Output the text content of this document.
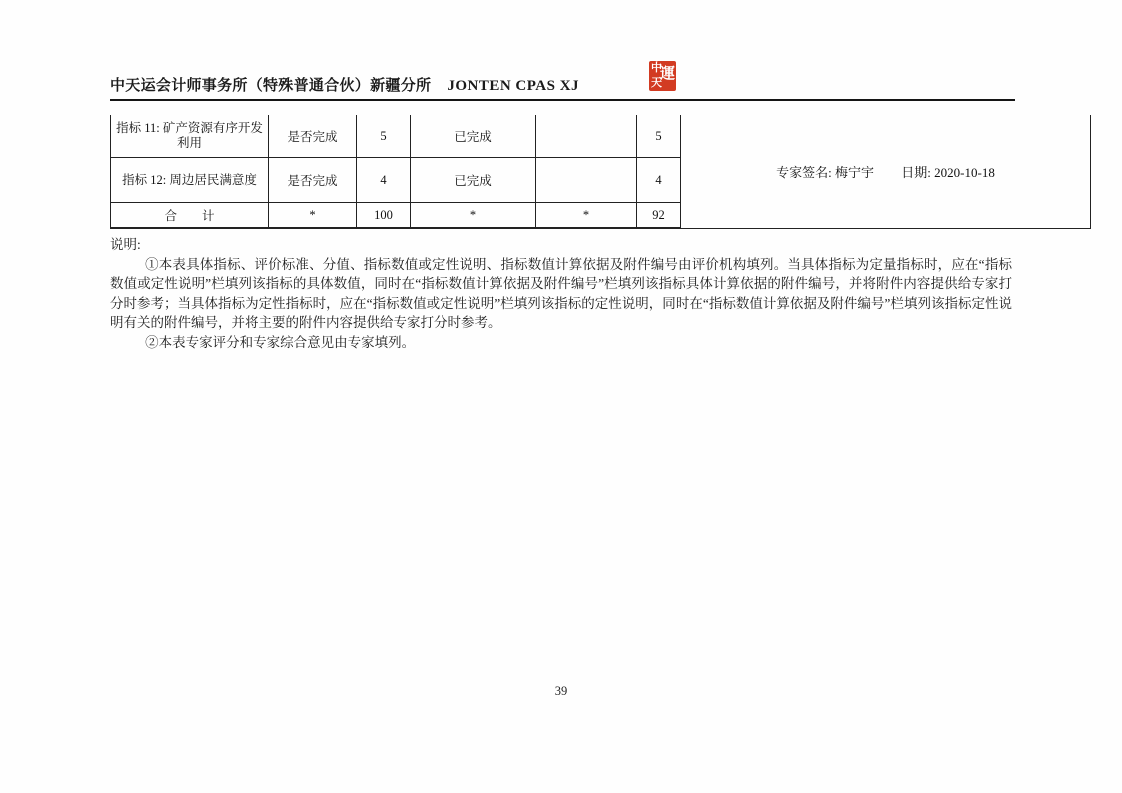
中天运会计师事务所（特殊普通合伙）新疆分所 JONTEN CPAS XJ
中
天
運
指标 11: 矿产资源有序开发利用	是否完成	5	已完成		5	专家签名: 梅宁宇 日期: 2020-10-18
指标 12: 周边居民满意度	是否完成	4	已完成		4	
合　　计	*	100	*	*	92	
说明:

①本表具体指标、评价标准、分值、指标数值或定性说明、指标数值计算依据及附件编号由评价机构填列。当具体指标为定量指标时，应在“指标数值或定性说明”栏填列该指标的具体数值，同时在“指标数值计算依据及附件编号”栏填列该指标具体计算依据的附件编号，并将附件内容提供给专家打分时参考；当具体指标为定性指标时，应在“指标数值或定性说明”栏填列该指标的定性说明，同时在“指标数值计算依据及附件编号”栏填列该指标定性说明有关的附件编号，并将主要的附件内容提供给专家打分时参考。

②本表专家评分和专家综合意见由专家填列。

39
